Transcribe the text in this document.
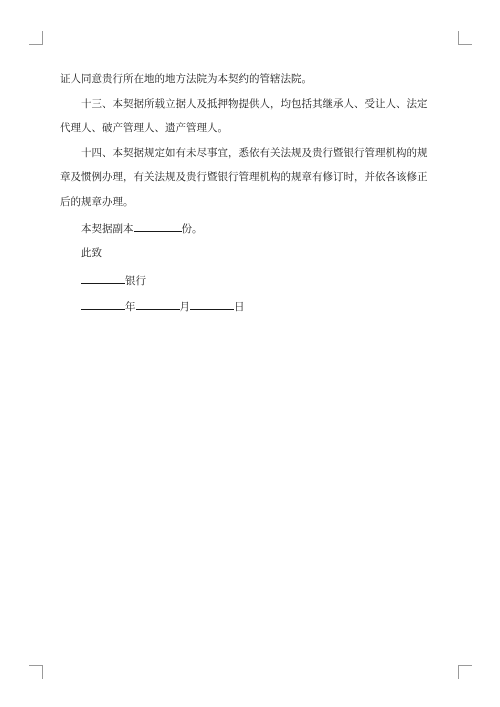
证人同意贵行所在地的地方法院为本契约的管辖法院。

十三、本契据所载立据人及抵押物提供人，均包括其继承人、受让人、法定代理人、破产管理人、遗产管理人。

十四、本契据规定如有未尽事宜，悉依有关法规及贵行暨银行管理机构的规章及惯例办理，有关法规及贵行暨银行管理机构的规章有修订时，并依各该修正后的规章办理。

本契据副本	份。
此致
银行
年	月	日
